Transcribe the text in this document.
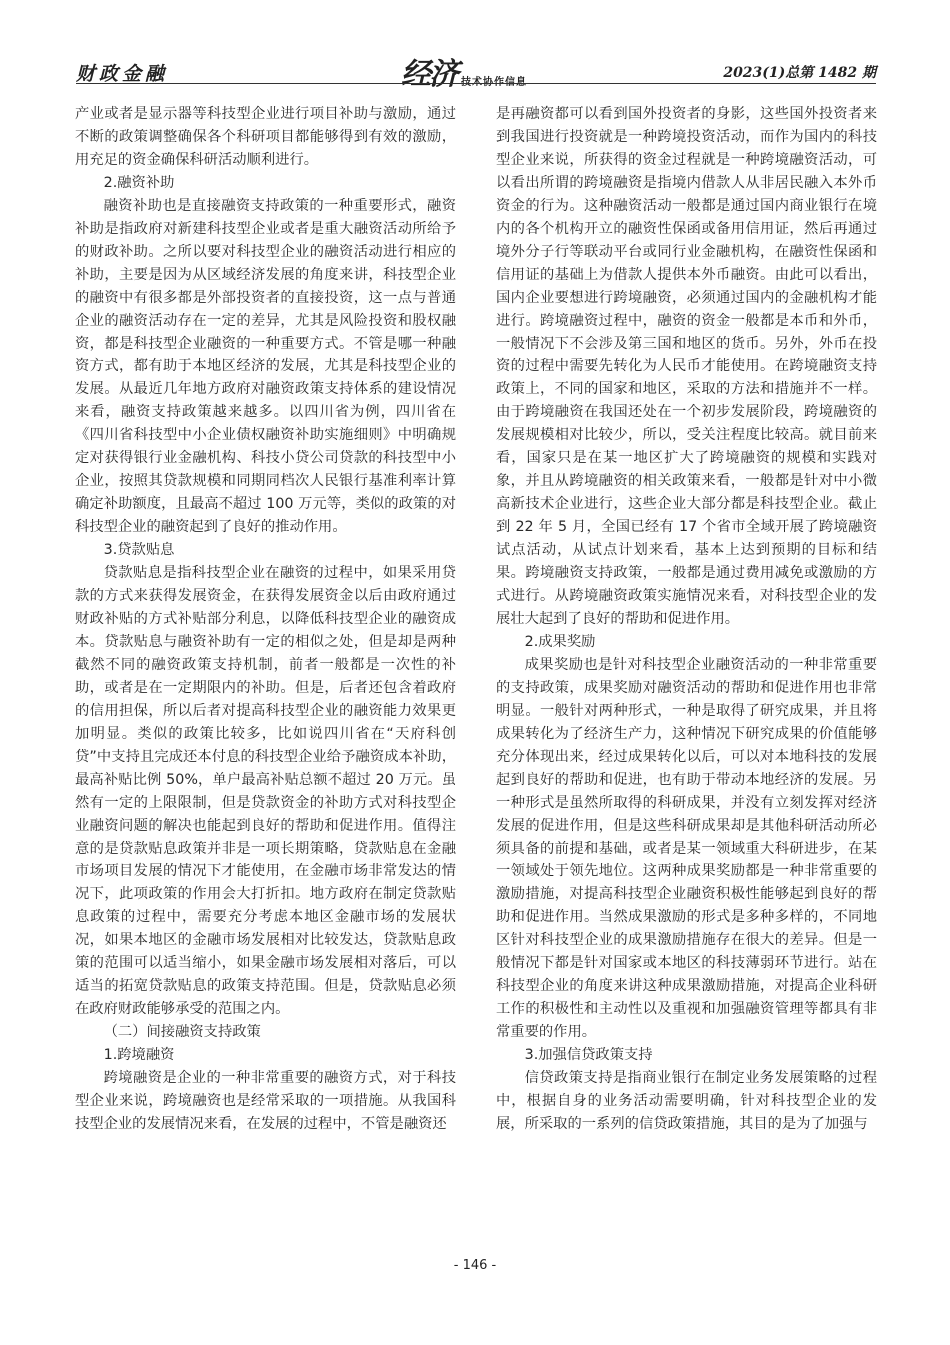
财政金融	经济 技术协作信息
2023(1)总第 1482 期

产业或者是显示器等科技型企业进行项目补助与激励，通过不断的政策调整确保各个科研项目都能够得到有效的激励，用充足的资金确保科研活动顺利进行。

2.融资补助

融资补助也是直接融资支持政策的一种重要形式，融资补助是指政府对新建科技型企业或者是重大融资活动所给予的财政补助。之所以要对科技型企业的融资活动进行相应的补助，主要是因为从区域经济发展的角度来讲，科技型企业的融资中有很多都是外部投资者的直接投资，这一点与普通企业的融资活动存在一定的差异，尤其是风险投资和股权融资，都是科技型企业融资的一种重要方式。不管是哪一种融资方式，都有助于本地区经济的发展，尤其是科技型企业的发展。从最近几年地方政府对融资政策支持体系的建设情况来看，融资支持政策越来越多。以四川省为例，四川省在《四川省科技型中小企业债权融资补助实施细则》中明确规定对获得银行业金融机构、科技小贷公司贷款的科技型中小企业，按照其贷款规模和同期同档次人民银行基准利率计算确定补助额度，且最高不超过 100 万元等，类似的政策的对科技型企业的融资起到了良好的推动作用。

3.贷款贴息

贷款贴息是指科技型企业在融资的过程中，如果采用贷款的方式来获得发展资金，在获得发展资金以后由政府通过财政补贴的方式补贴部分利息，以降低科技型企业的融资成本。贷款贴息与融资补助有一定的相似之处，但是却是两种截然不同的融资政策支持机制，前者一般都是一次性的补助，或者是在一定期限内的补助。但是，后者还包含着政府的信用担保，所以后者对提高科技型企业的融资能力效果更加明显。类似的政策比较多，比如说四川省在“天府科创贷”中支持且完成还本付息的科技型企业给予融资成本补助，最高补贴比例 50%，单户最高补贴总额不超过 20 万元。虽然有一定的上限限制，但是贷款资金的补助方式对科技型企业融资问题的解决也能起到良好的帮助和促进作用。值得注意的是贷款贴息政策并非是一项长期策略，贷款贴息在金融市场项目发展的情况下才能使用，在金融市场非常发达的情况下，此项政策的作用会大打折扣。地方政府在制定贷款贴息政策的过程中，需要充分考虑本地区金融市场的发展状况，如果本地区的金融市场发展相对比较发达，贷款贴息政策的范围可以适当缩小，如果金融市场发展相对落后，可以适当的拓宽贷款贴息的政策支持范围。但是，贷款贴息必须在政府财政能够承受的范围之内。

（二）间接融资支持政策

1.跨境融资

跨境融资是企业的一种非常重要的融资方式，对于科技型企业来说，跨境融资也是经常采取的一项措施。从我国科技型企业的发展情况来看，在发展的过程中，不管是融资还

是再融资都可以看到国外投资者的身影，这些国外投资者来到我国进行投资就是一种跨境投资活动，而作为国内的科技型企业来说，所获得的资金过程就是一种跨境融资活动，可以看出所谓的跨境融资是指境内借款人从非居民融入本外币资金的行为。这种融资活动一般都是通过国内商业银行在境内的各个机构开立的融资性保函或备用信用证，然后再通过境外分子行等联动平台或同行业金融机构，在融资性保函和信用证的基础上为借款人提供本外币融资。由此可以看出，国内企业要想进行跨境融资，必须通过国内的金融机构才能进行。跨境融资过程中，融资的资金一般都是本币和外币，一般情况下不会涉及第三国和地区的货币。另外，外币在投资的过程中需要先转化为人民币才能使用。在跨境融资支持政策上，不同的国家和地区，采取的方法和措施并不一样。由于跨境融资在我国还处在一个初步发展阶段，跨境融资的发展规模相对比较少，所以，受关注程度比较高。就目前来看，国家只是在某一地区扩大了跨境融资的规模和实践对象，并且从跨境融资的相关政策来看，一般都是针对中小微高新技术企业进行，这些企业大部分都是科技型企业。截止到 22 年 5 月，全国已经有 17 个省市全域开展了跨境融资试点活动，从试点计划来看，基本上达到预期的目标和结果。跨境融资支持政策，一般都是通过费用减免或激励的方式进行。从跨境融资政策实施情况来看，对科技型企业的发展壮大起到了良好的帮助和促进作用。

2.成果奖励

成果奖励也是针对科技型企业融资活动的一种非常重要的支持政策，成果奖励对融资活动的帮助和促进作用也非常明显。一般针对两种形式，一种是取得了研究成果，并且将成果转化为了经济生产力，这种情况下研究成果的价值能够充分体现出来，经过成果转化以后，可以对本地科技的发展起到良好的帮助和促进，也有助于带动本地经济的发展。另一种形式是虽然所取得的科研成果，并没有立刻发挥对经济发展的促进作用，但是这些科研成果却是其他科研活动所必须具备的前提和基础，或者是某一领域重大科研进步，在某一领域处于领先地位。这两种成果奖励都是一种非常重要的激励措施，对提高科技型企业融资积极性能够起到良好的帮助和促进作用。当然成果激励的形式是多种多样的，不同地区针对科技型企业的成果激励措施存在很大的差异。但是一般情况下都是针对国家或本地区的科技薄弱环节进行。站在科技型企业的角度来讲这种成果激励措施，对提高企业科研工作的积极性和主动性以及重视和加强融资管理等都具有非常重要的作用。

3.加强信贷政策支持

信贷政策支持是指商业银行在制定业务发展策略的过程中，根据自身的业务活动需要明确，针对科技型企业的发展，所采取的一系列的信贷政策措施，其目的是为了加强与

- 146 -
